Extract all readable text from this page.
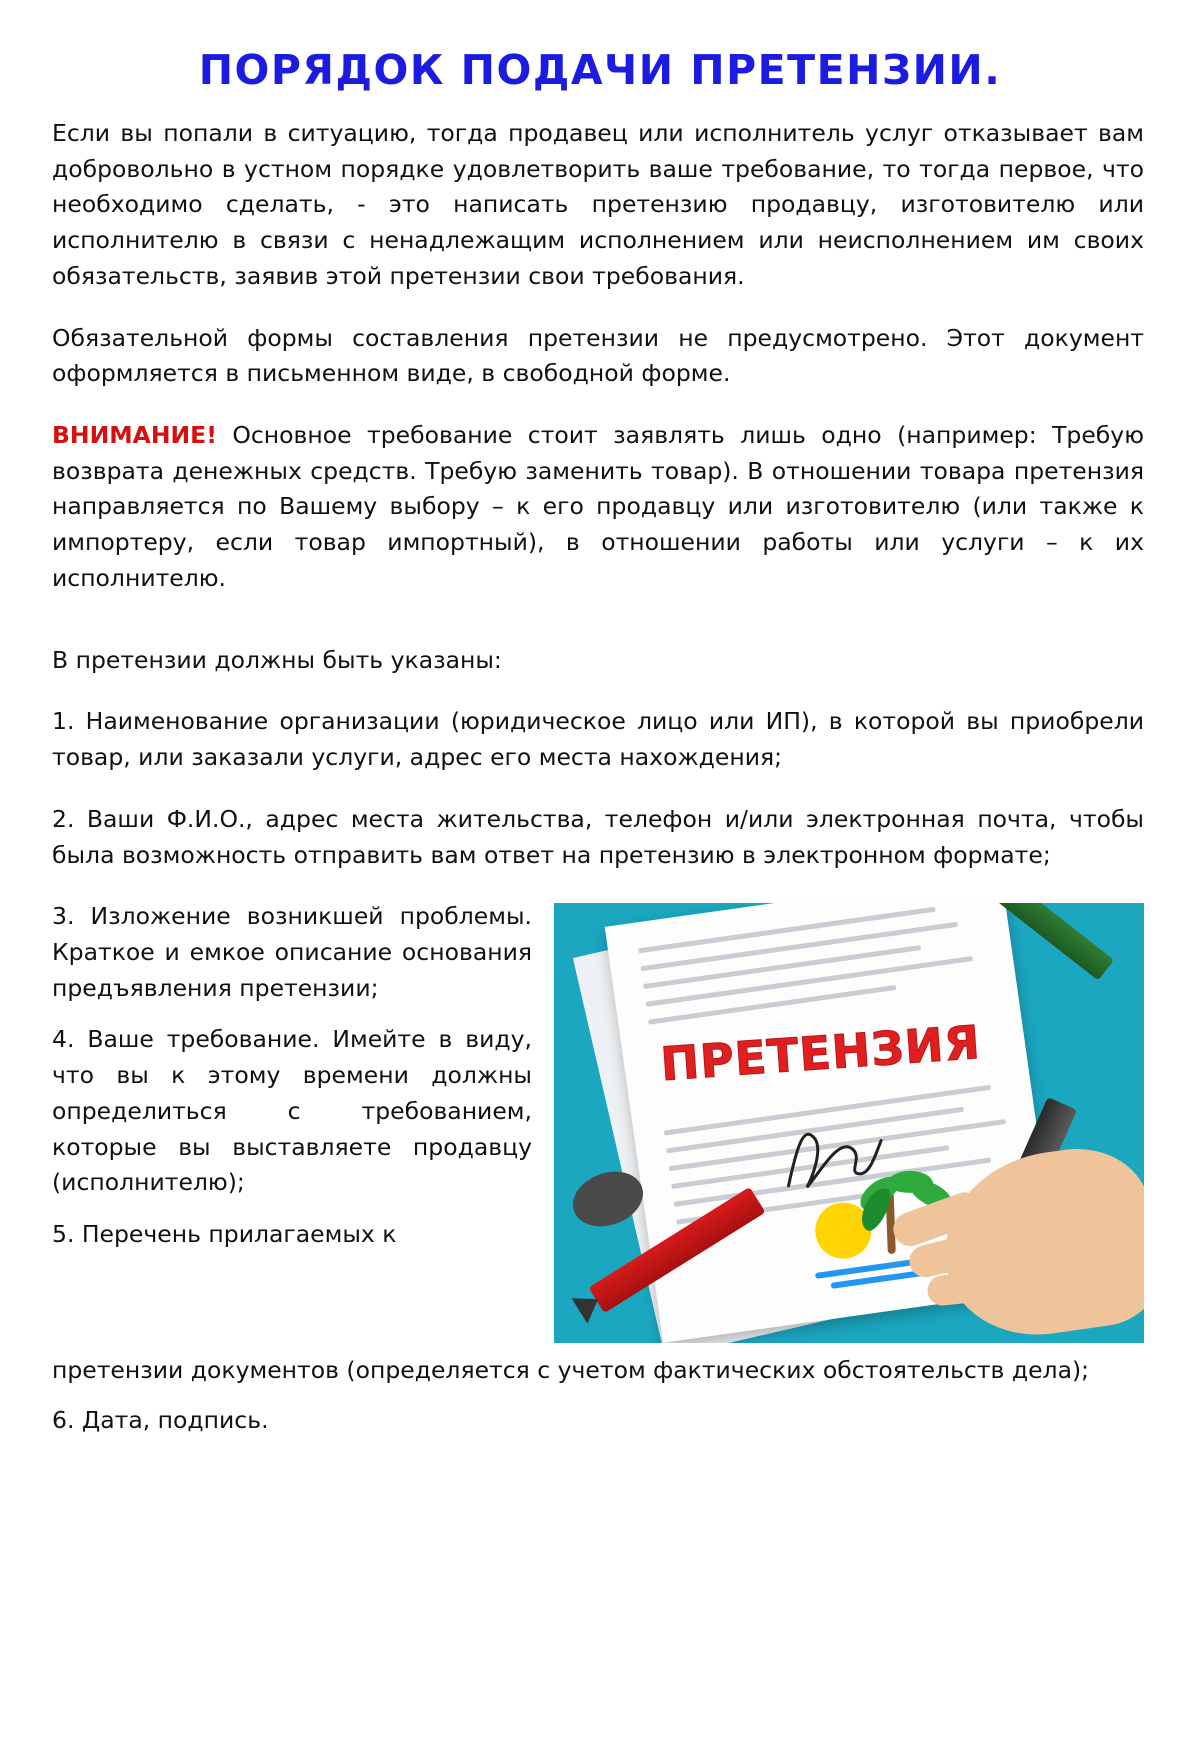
ПОРЯДОК ПОДАЧИ ПРЕТЕНЗИИ.

Если вы попали в ситуацию, тогда продавец или исполнитель услуг отказывает вам добровольно в устном порядке удовлетворить ваше требование, то тогда первое, что необходимо сделать, - это написать претензию продавцу, изготовителю или исполнителю в связи с ненадлежащим исполнением или неисполнением им своих обязательств, заявив этой претензии свои требования.

Обязательной формы составления претензии не предусмотрено. Этот документ оформляется в письменном виде, в свободной форме.

ВНИМАНИЕ! Основное требование стоит заявлять лишь одно (например: Требую возврата денежных средств. Требую заменить товар). В отношении товара претензия направляется по Вашему выбору – к его продавцу или изготовителю (или также к импортеру, если товар импортный), в отношении работы или услуги – к их исполнителю.

В претензии должны быть указаны:

1. Наименование организации (юридическое лицо или ИП), в которой вы приобрели товар, или заказали услуги, адрес его места нахождения;

2. Ваши Ф.И.О., адрес места жительства, телефон и/или электронная почта, чтобы была возможность отправить вам ответ на претензию в электронном формате;

ПРЕТЕНЗИЯ

3. Изложение возникшей проблемы. Краткое и емкое описание основания предъявления претензии;

4. Ваше требование. Имейте в виду, что вы к этому времени должны определиться с требованием, которые вы выставляете продавцу (исполнителю);

5. Перечень прилагаемых к

претензии документов (определяется с учетом фактических обстоятельств дела);

6. Дата, подпись.
